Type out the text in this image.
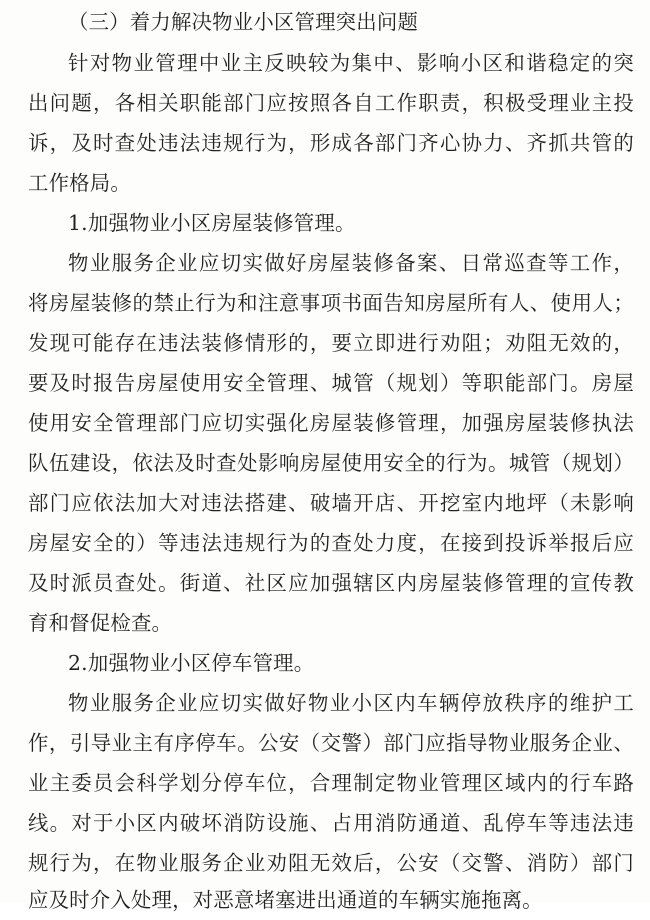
（三）着力解决物业小区管理突出问题
针对物业管理中业主反映较为集中、影响小区和谐稳定的突
出问题，各相关职能部门应按照各自工作职责，积极受理业主投
诉，及时查处违法违规行为，形成各部门齐心协力、齐抓共管的
工作格局。
1.加强物业小区房屋装修管理。
物业服务企业应切实做好房屋装修备案、日常巡查等工作，
将房屋装修的禁止行为和注意事项书面告知房屋所有人、使用人；
发现可能存在违法装修情形的，要立即进行劝阻；劝阻无效的，
要及时报告房屋使用安全管理、城管（规划）等职能部门。房屋
使用安全管理部门应切实强化房屋装修管理，加强房屋装修执法
队伍建设，依法及时查处影响房屋使用安全的行为。城管（规划）
部门应依法加大对违法搭建、破墙开店、开挖室内地坪（未影响
房屋安全的）等违法违规行为的查处力度，在接到投诉举报后应
及时派员查处。街道、社区应加强辖区内房屋装修管理的宣传教
育和督促检查。
2.加强物业小区停车管理。
物业服务企业应切实做好物业小区内车辆停放秩序的维护工
作，引导业主有序停车。公安（交警）部门应指导物业服务企业、
业主委员会科学划分停车位，合理制定物业管理区域内的行车路
线。对于小区内破坏消防设施、占用消防通道、乱停车等违法违
规行为，在物业服务企业劝阻无效后，公安（交警、消防）部门
应及时介入处理，对恶意堵塞进出通道的车辆实施拖离。
